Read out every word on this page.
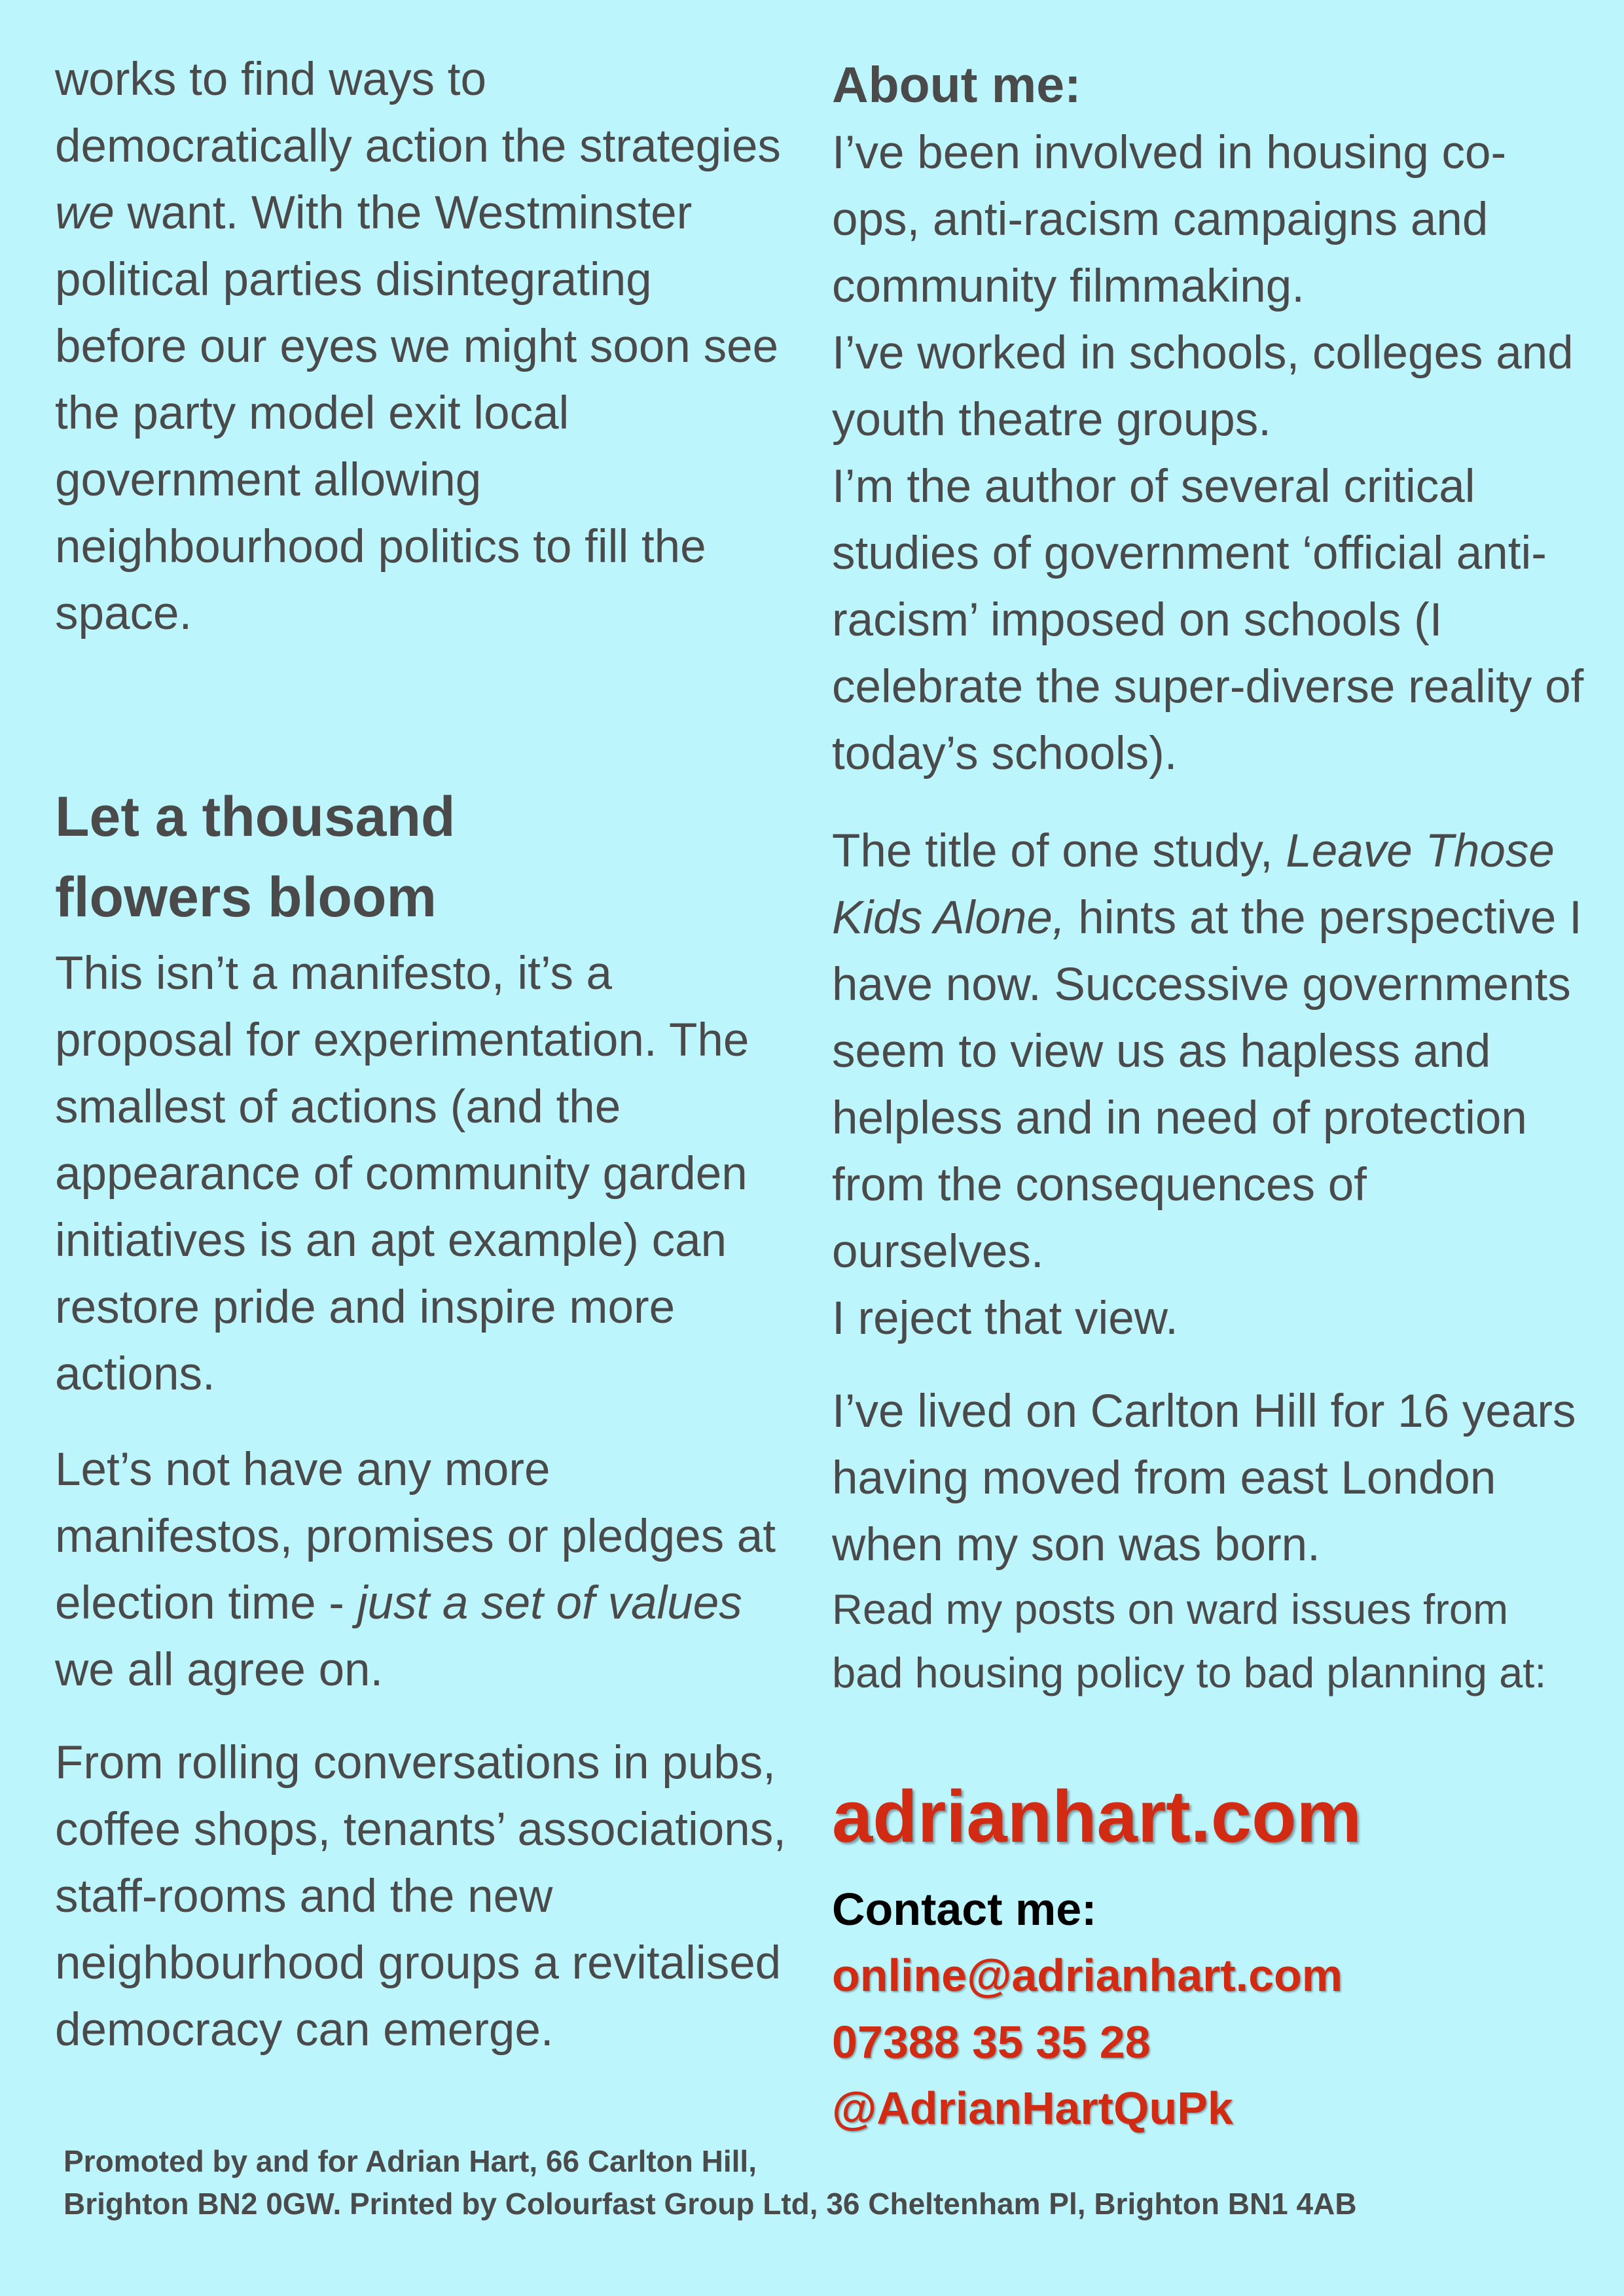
works to find ways to democratically action the strategies we want. With the Westminster political parties disintegrating before our eyes we might soon see the party model exit local government allowing neighbourhood politics to fill the space.

Let a thousand
flowers bloom

This isn’t a manifesto, it’s a proposal for experimentation. The smallest of actions (and the appearance of community garden initiatives is an apt example) can restore pride and inspire more actions.

Let’s not have any more manifestos, promises or pledges at election time - just a set of values we all agree on.

From rolling conversations in pubs, coffee shops, tenants’ associations, staff-rooms and the new neighbourhood groups a revitalised democracy can emerge.

About me:

I’ve been involved in housing co-ops, anti-racism campaigns and community filmmaking.
I’ve worked in schools, colleges and youth theatre groups.
I’m the author of several critical studies of government ‘official anti-racism’ imposed on schools (I celebrate the super-diverse reality of today’s schools).

The title of one study, Leave Those Kids Alone, hints at the perspective I have now. Successive governments seem to view us as hapless and helpless and in need of protection from the consequences of ourselves.
I reject that view.

I’ve lived on Carlton Hill for 16 years having moved from east London when my son was born.

Read my posts on ward issues from bad housing policy to bad planning at:

adrianhart.com
Contact me:
online@adrianhart.com
07388 35 35 28
@AdrianHartQuPk
Promoted by and for Adrian Hart, 66 Carlton Hill,
Brighton BN2 0GW. Printed by Colourfast Group Ltd, 36 Cheltenham Pl, Brighton BN1 4AB
